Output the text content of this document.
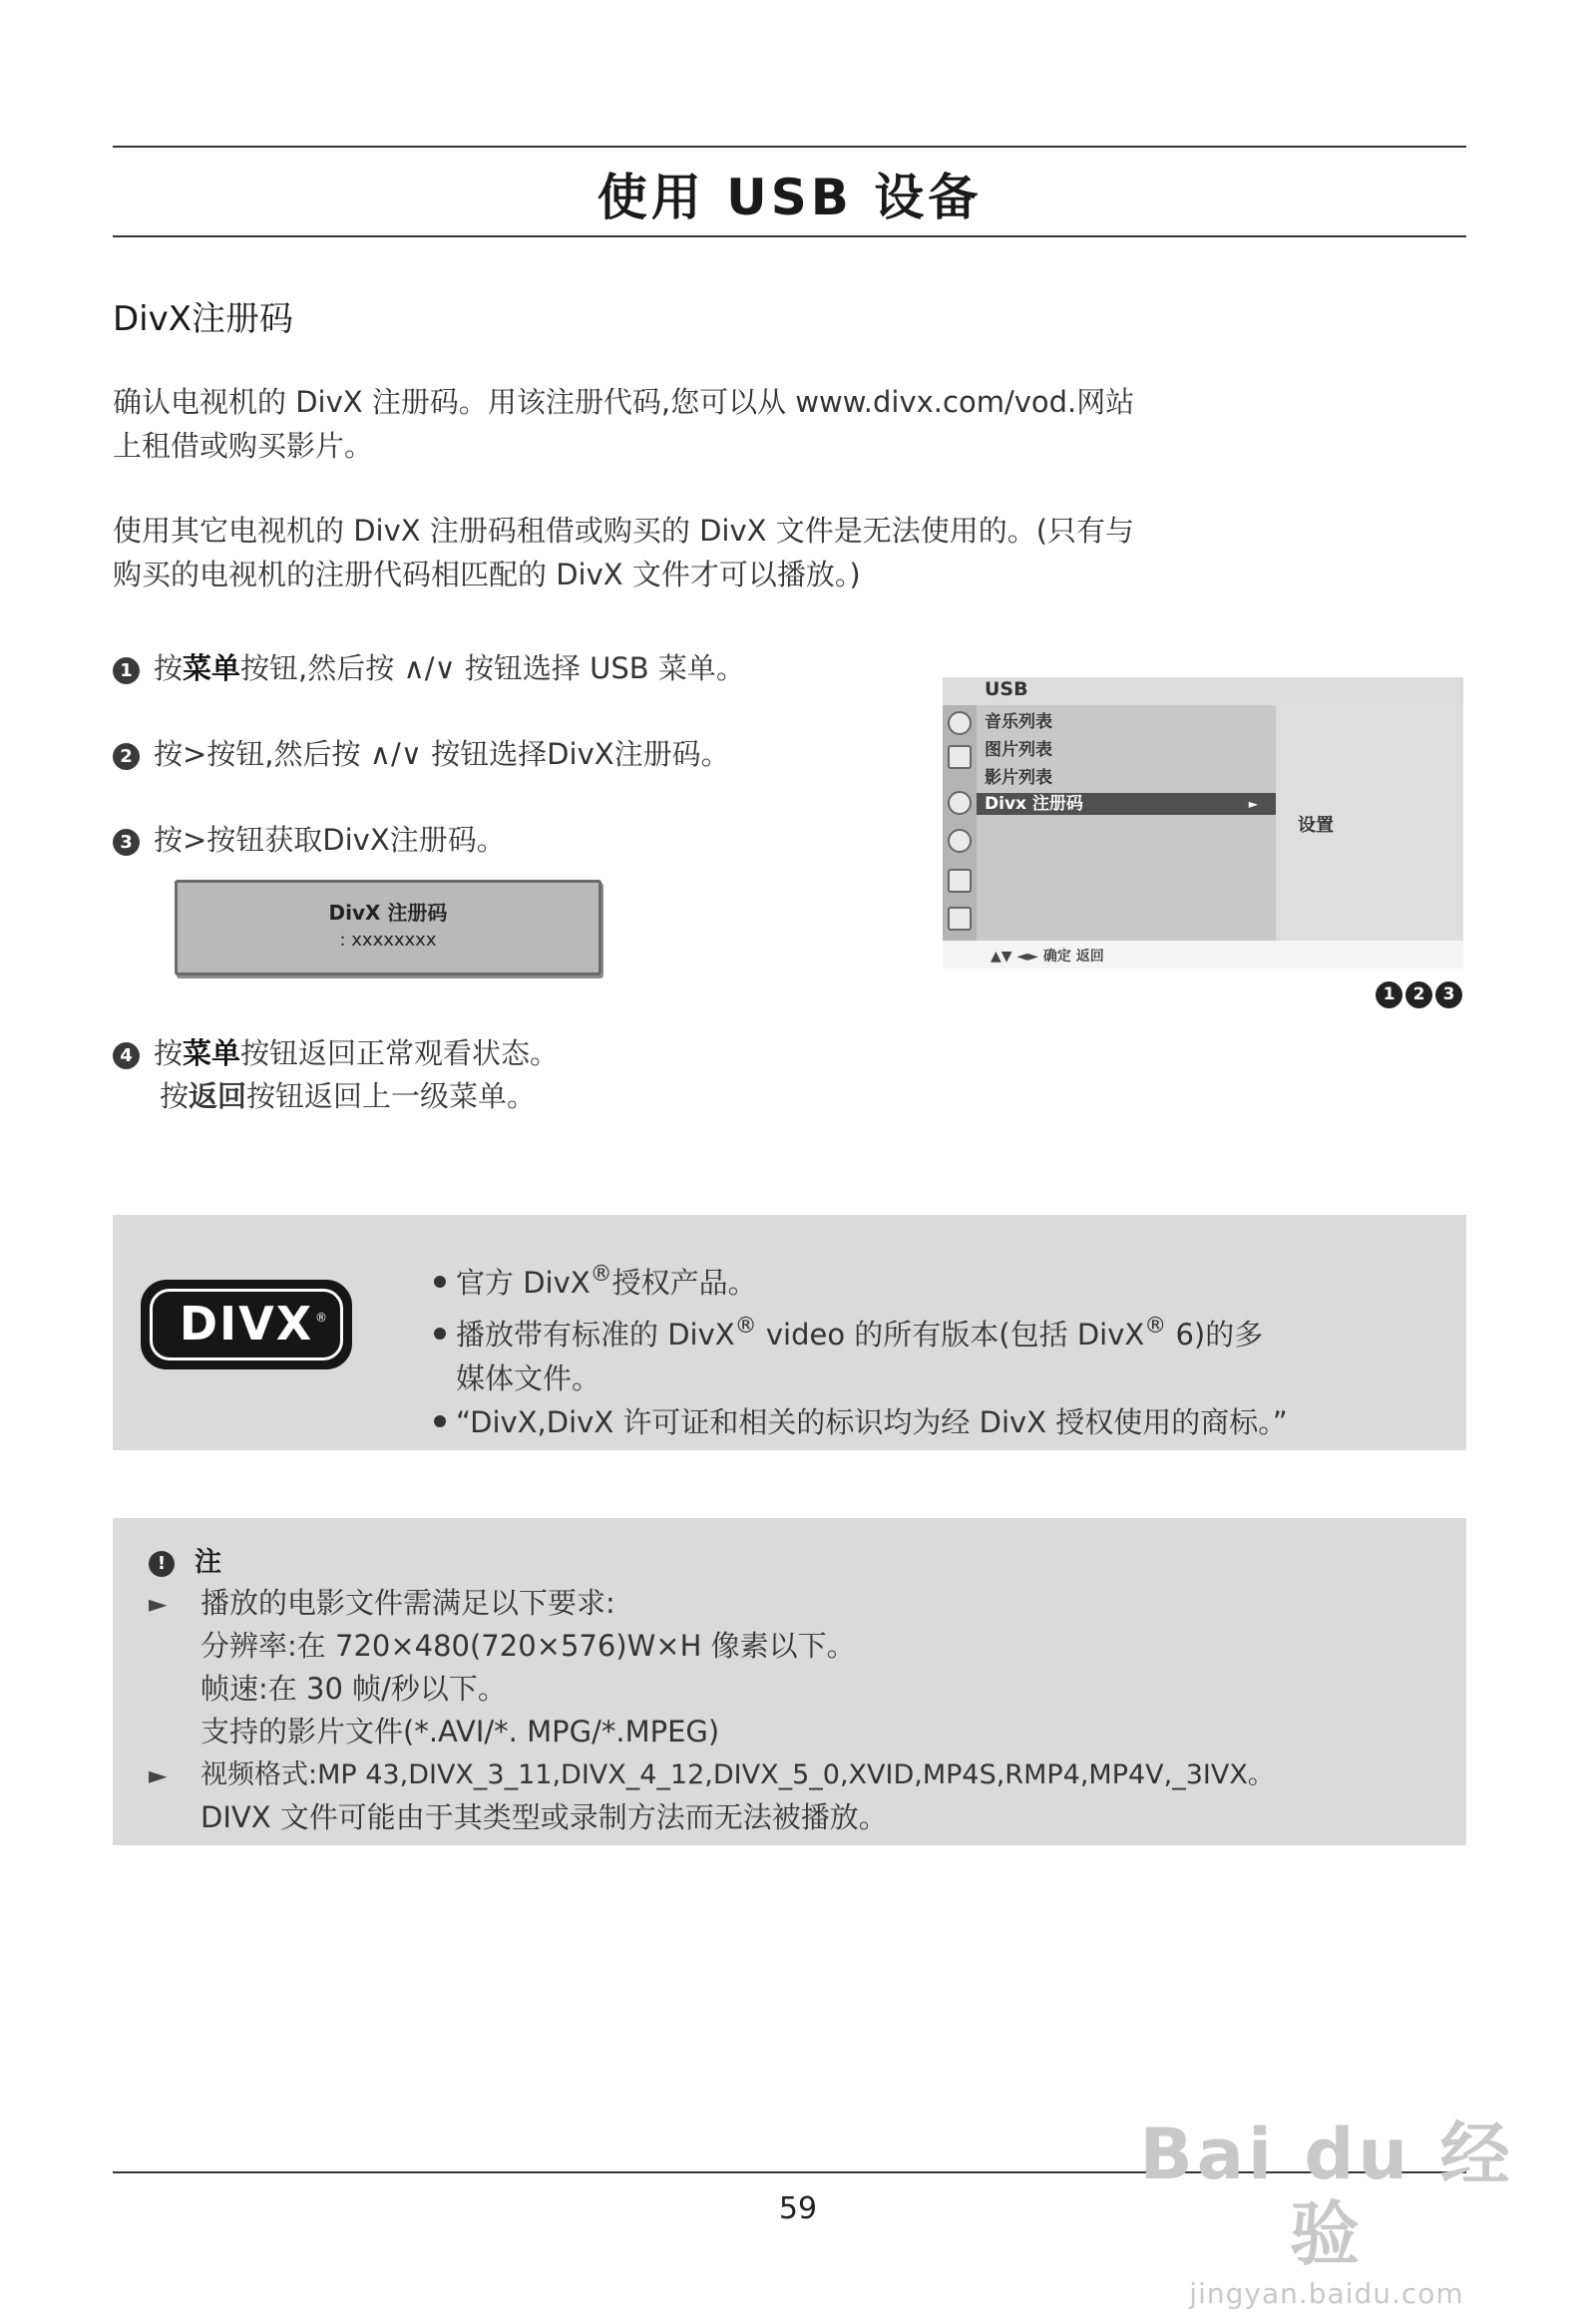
使用 USB 设备
DivX注册码
确认电视机的 DivX 注册码。用该注册代码,您可以从 www.divx.com/vod.网站
上租借或购买影片。
使用其它电视机的 DivX 注册码租借或购买的 DivX 文件是无法使用的。(只有与
购买的电视机的注册代码相匹配的 DivX 文件才可以播放。)
1 按菜单按钮,然后按 ∧/∨ 按钮选择 USB 菜单。
2 按>按钮,然后按 ∧/∨ 按钮选择DivX注册码。
3 按>按钮获取DivX注册码。
DivX 注册码
: xxxxxxxx
4 按菜单按钮返回正常观看状态。
按返回按钮返回上一级菜单。
USB
音乐列表
图片列表
影片列表
Divx 注册码	►
设置
▲▼ ◄► 确定 返回
1 2 3
DIVX ®
官方 DivX®授权产品。
播放带有标准的 DivX® video 的所有版本(包括 DivX® 6)的多
媒体文件。
“DivX,DivX 许可证和相关的标识均为经 DivX 授权使用的商标。”
! 注
► 播放的电影文件需满足以下要求:
分辨率:在 720×480(720×576)W×H 像素以下。
帧速:在 30 帧/秒以下。
支持的影片文件(*.AVI/*. MPG/*.MPEG)
► 视频格式:MP 43,DIVX_3_11,DIVX_4_12,DIVX_5_0,XVID,MP4S,RMP4,MP4V,_3IVX。
DIVX 文件可能由于其类型或录制方法而无法被播放。
59
Bai du 经验
jingyan.baidu.com
